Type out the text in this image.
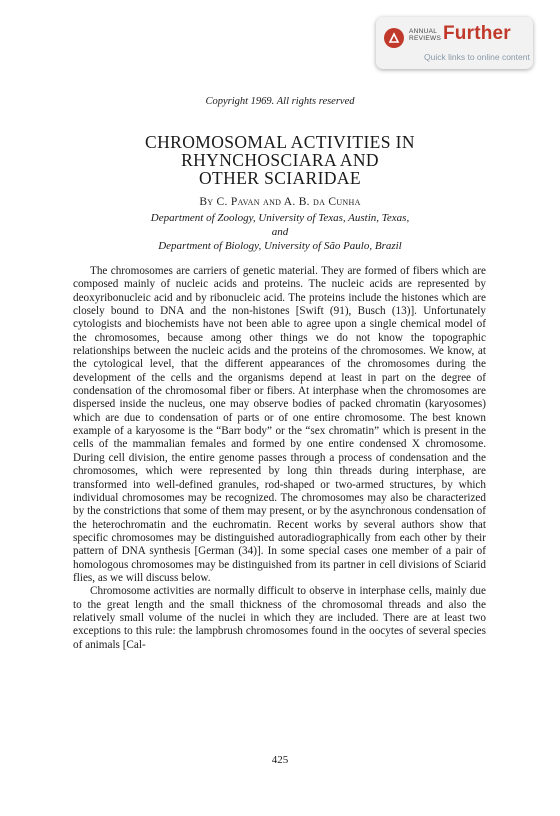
ANNUAL
REVIEWS Further
Quick links to online content
Copyright 1969. All rights reserved
CHROMOSOMAL ACTIVITIES IN
RHYNCHOSCIARA AND
OTHER SCIARIDAE
By C. Pavan and A. B. da Cunha
Department of Zoology, University of Texas, Austin, Texas,
and
Department of Biology, University of São Paulo, Brazil

The chromosomes are carriers of genetic material. They are formed of fibers which are composed mainly of nucleic acids and proteins. The nucleic acids are represented by deoxyribonucleic acid and by ribonucleic acid. The proteins include the histones which are closely bound to DNA and the non-histones [Swift (91), Busch (13)]. Unfortunately cytologists and biochemists have not been able to agree upon a single chemical model of the chromosomes, because among other things we do not know the topographic relationships between the nucleic acids and the proteins of the chromosomes. We know, at the cytological level, that the different appearances of the chromosomes during the development of the cells and the organisms depend at least in part on the degree of condensation of the chromosomal fiber or fibers. At interphase when the chromosomes are dispersed inside the nucleus, one may observe bodies of packed chromatin (karyosomes) which are due to condensation of parts or of one entire chromosome. The best known example of a karyosome is the “Barr body” or the “sex chromatin” which is present in the cells of the mammalian females and formed by one entire condensed X chromosome. During cell division, the entire genome passes through a process of condensation and the chromosomes, which were represented by long thin threads during interphase, are transformed into well-defined granules, rod-shaped or two-armed structures, by which individual chromosomes may be recognized. The chromosomes may also be characterized by the constrictions that some of them may present, or by the asynchronous condensation of the heterochromatin and the euchromatin. Recent works by several authors show that specific chromosomes may be distinguished autoradiographically from each other by their pattern of DNA synthesis [German (34)]. In some special cases one member of a pair of homologous chromosomes may be distinguished from its partner in cell divisions of Sciarid flies, as we will discuss below.

Chromosome activities are normally difficult to observe in interphase cells, mainly due to the great length and the small thickness of the chromosomal threads and also the relatively small volume of the nuclei in which they are included. There are at least two exceptions to this rule: the lampbrush chromosomes found in the oocytes of several species of animals [Cal-

425
